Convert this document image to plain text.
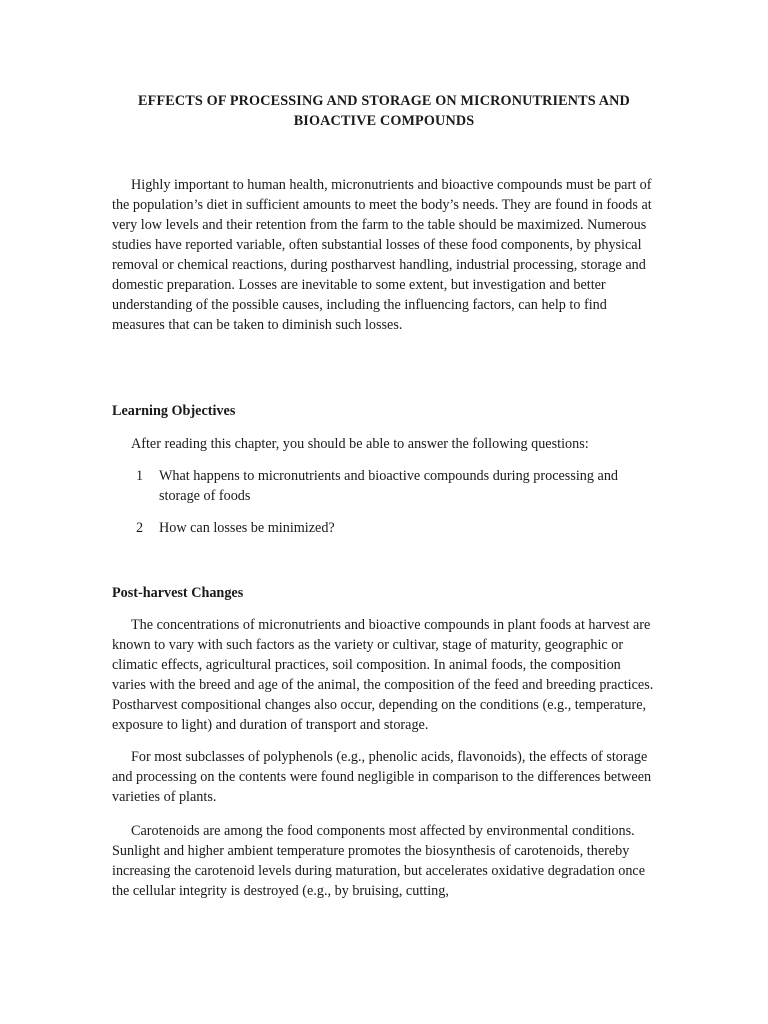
EFFECTS OF PROCESSING AND STORAGE ON MICRONUTRIENTS AND
BIOACTIVE COMPOUNDS

Highly important to human health, micronutrients and bioactive compounds must be part of the population’s diet in sufficient amounts to meet the body’s needs. They are found in foods at very low levels and their retention from the farm to the table should be maximized. Numerous studies have reported variable, often substantial losses of these food components, by physical removal or chemical reactions, during postharvest handling, industrial processing, storage and domestic preparation. Losses are inevitable to some extent, but investigation and better understanding of the possible causes, including the influencing factors, can help to find measures that can be taken to diminish such losses.

Learning Objectives
After reading this chapter, you should be able to answer the following questions:
1 What happens to micronutrients and bioactive compounds during processing and storage of foods
2 How can losses be minimized?
Post-harvest Changes

The concentrations of micronutrients and bioactive compounds in plant foods at harvest are known to vary with such factors as the variety or cultivar, stage of maturity, geographic or climatic effects, agricultural practices, soil composition. In animal foods, the composition varies with the breed and age of the animal, the composition of the feed and breeding practices.  Postharvest compositional changes also occur, depending on the conditions (e.g., temperature, exposure to light) and duration of transport and storage.

For most subclasses of polyphenols (e.g., phenolic acids, flavonoids), the effects of storage and processing on the contents were found negligible in comparison to the differences between varieties of plants.

Carotenoids are among the food components most affected by environmental conditions. Sunlight and higher ambient temperature promotes the biosynthesis of carotenoids, thereby increasing the carotenoid levels during maturation, but accelerates oxidative degradation once the cellular integrity is destroyed (e.g., by bruising, cutting,
